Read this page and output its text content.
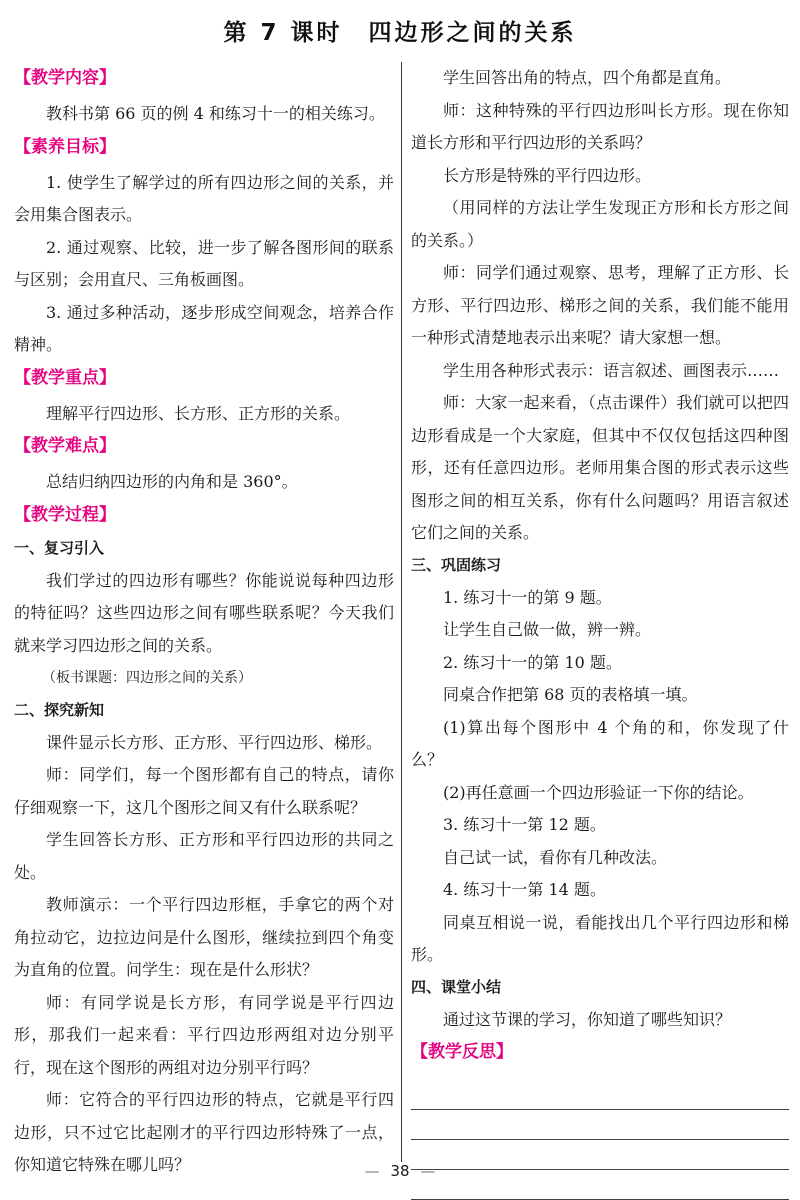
第 7 课时　四边形之间的关系
【教学内容】

教科书第 66 页的例 4 和练习十一的相关练习。

【素养目标】

1. 使学生了解学过的所有四边形之间的关系，并会用集合图表示。

2. 通过观察、比较，进一步了解各图形间的联系与区别；会用直尺、三角板画图。

3. 通过多种活动，逐步形成空间观念，培养合作精神。

【教学重点】

理解平行四边形、长方形、正方形的关系。

【教学难点】

总结归纳四边形的内角和是 360°。

【教学过程】
一、复习引入

我们学过的四边形有哪些？你能说说每种四边形的特征吗？这些四边形之间有哪些联系呢？今天我们就来学习四边形之间的关系。

（板书课题：四边形之间的关系）

二、探究新知

课件显示长方形、正方形、平行四边形、梯形。

师：同学们，每一个图形都有自己的特点，请你仔细观察一下，这几个图形之间又有什么联系呢？

学生回答长方形、正方形和平行四边形的共同之处。

教师演示：一个平行四边形框，手拿它的两个对角拉动它，边拉边问是什么图形，继续拉到四个角变为直角的位置。问学生：现在是什么形状？

师：有同学说是长方形，有同学说是平行四边形，那我们一起来看：平行四边形两组对边分别平行，现在这个图形的两组对边分别平行吗？

师：它符合的平行四边形的特点，它就是平行四边形，只不过它比起刚才的平行四边形特殊了一点，你知道它特殊在哪儿吗？

学生回答出角的特点，四个角都是直角。

师：这种特殊的平行四边形叫长方形。现在你知道长方形和平行四边形的关系吗？

长方形是特殊的平行四边形。

（用同样的方法让学生发现正方形和长方形之间的关系。）

师：同学们通过观察、思考，理解了正方形、长方形、平行四边形、梯形之间的关系，我们能不能用一种形式清楚地表示出来呢？请大家想一想。

学生用各种形式表示：语言叙述、画图表示……

师：大家一起来看，（点击课件）我们就可以把四边形看成是一个大家庭，但其中不仅仅包括这四种图形，还有任意四边形。老师用集合图的形式表示这些图形之间的相互关系，你有什么问题吗？用语言叙述它们之间的关系。

三、巩固练习

1. 练习十一的第 9 题。

让学生自己做一做，辨一辨。

2. 练习十一的第 10 题。

同桌合作把第 68 页的表格填一填。

(1)算出每个图形中 4 个角的和，你发现了什么？

(2)再任意画一个四边形验证一下你的结论。

3. 练习十一第 12 题。

自己试一试，看你有几种改法。

4. 练习十一第 14 题。

同桌互相说一说，看能找出几个平行四边形和梯形。

四、课堂小结

通过这节课的学习，你知道了哪些知识？

【教学反思】
— 38 —
